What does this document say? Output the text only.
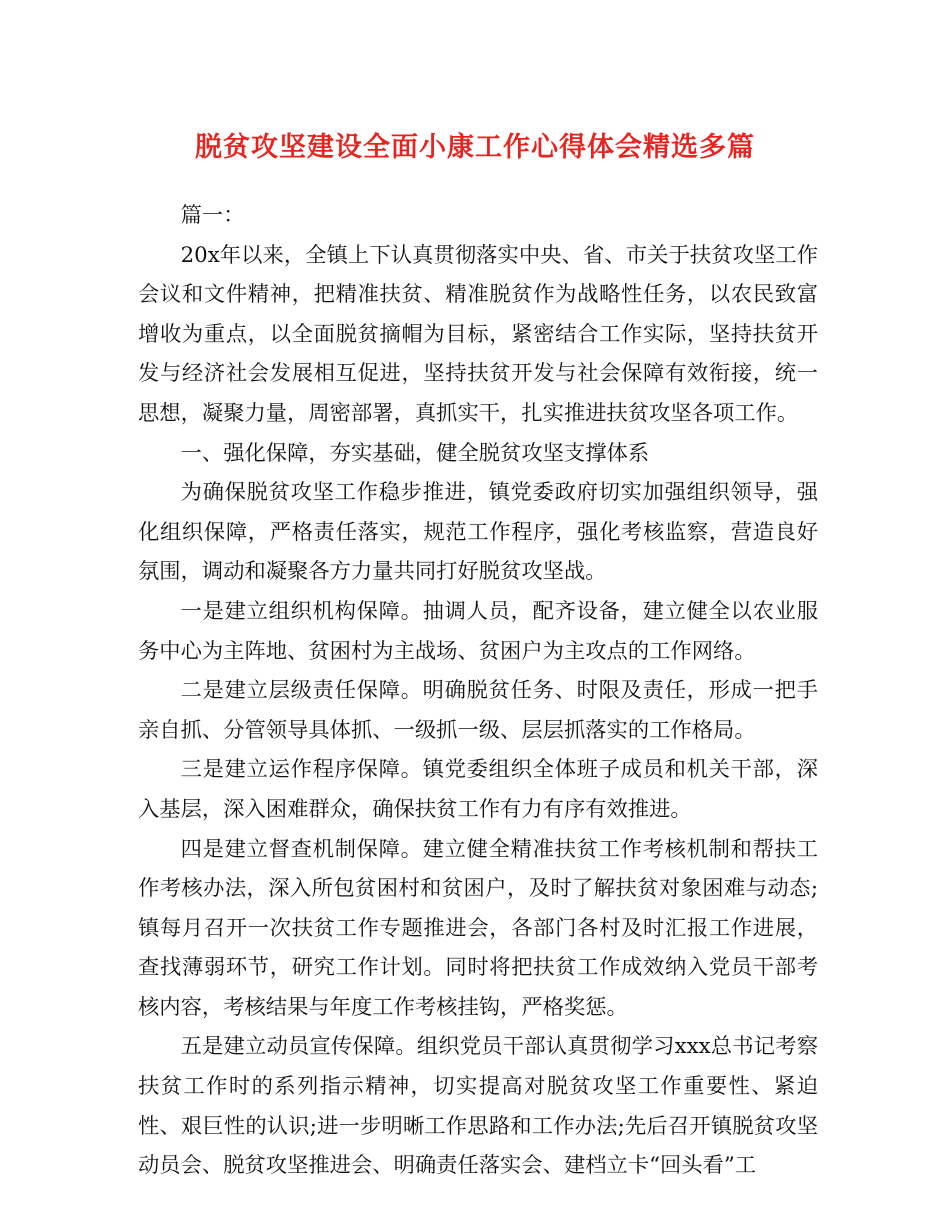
脱贫攻坚建设全面小康工作心得体会精选多篇

篇一：

20x年以来，全镇上下认真贯彻落实中央、省、市关于扶贫攻坚工作会议和文件精神，把精准扶贫、精准脱贫作为战略性任务，以农民致富增收为重点，以全面脱贫摘帽为目标，紧密结合工作实际，坚持扶贫开发与经济社会发展相互促进，坚持扶贫开发与社会保障有效衔接，统一思想，凝聚力量，周密部署，真抓实干，扎实推进扶贫攻坚各项工作。

一、强化保障，夯实基础，健全脱贫攻坚支撑体系

为确保脱贫攻坚工作稳步推进，镇党委政府切实加强组织领导，强化组织保障，严格责任落实，规范工作程序，强化考核监察，营造良好氛围，调动和凝聚各方力量共同打好脱贫攻坚战。

一是建立组织机构保障。抽调人员，配齐设备，建立健全以农业服务中心为主阵地、贫困村为主战场、贫困户为主攻点的工作网络。

二是建立层级责任保障。明确脱贫任务、时限及责任，形成一把手亲自抓、分管领导具体抓、一级抓一级、层层抓落实的工作格局。

三是建立运作程序保障。镇党委组织全体班子成员和机关干部，深入基层，深入困难群众，确保扶贫工作有力有序有效推进。

四是建立督查机制保障。建立健全精准扶贫工作考核机制和帮扶工作考核办法，深入所包贫困村和贫困户，及时了解扶贫对象困难与动态;镇每月召开一次扶贫工作专题推进会，各部门各村及时汇报工作进展，查找薄弱环节，研究工作计划。同时将把扶贫工作成效纳入党员干部考核内容，考核结果与年度工作考核挂钩，严格奖惩。

五是建立动员宣传保障。组织党员干部认真贯彻学习xxx总书记考察扶贫工作时的系列指示精神，切实提高对脱贫攻坚工作重要性、紧迫性、艰巨性的认识;进一步明晰工作思路和工作办法;先后召开镇脱贫攻坚动员会、脱贫攻坚推进会、明确责任落实会、建档立卡“回头看”工
